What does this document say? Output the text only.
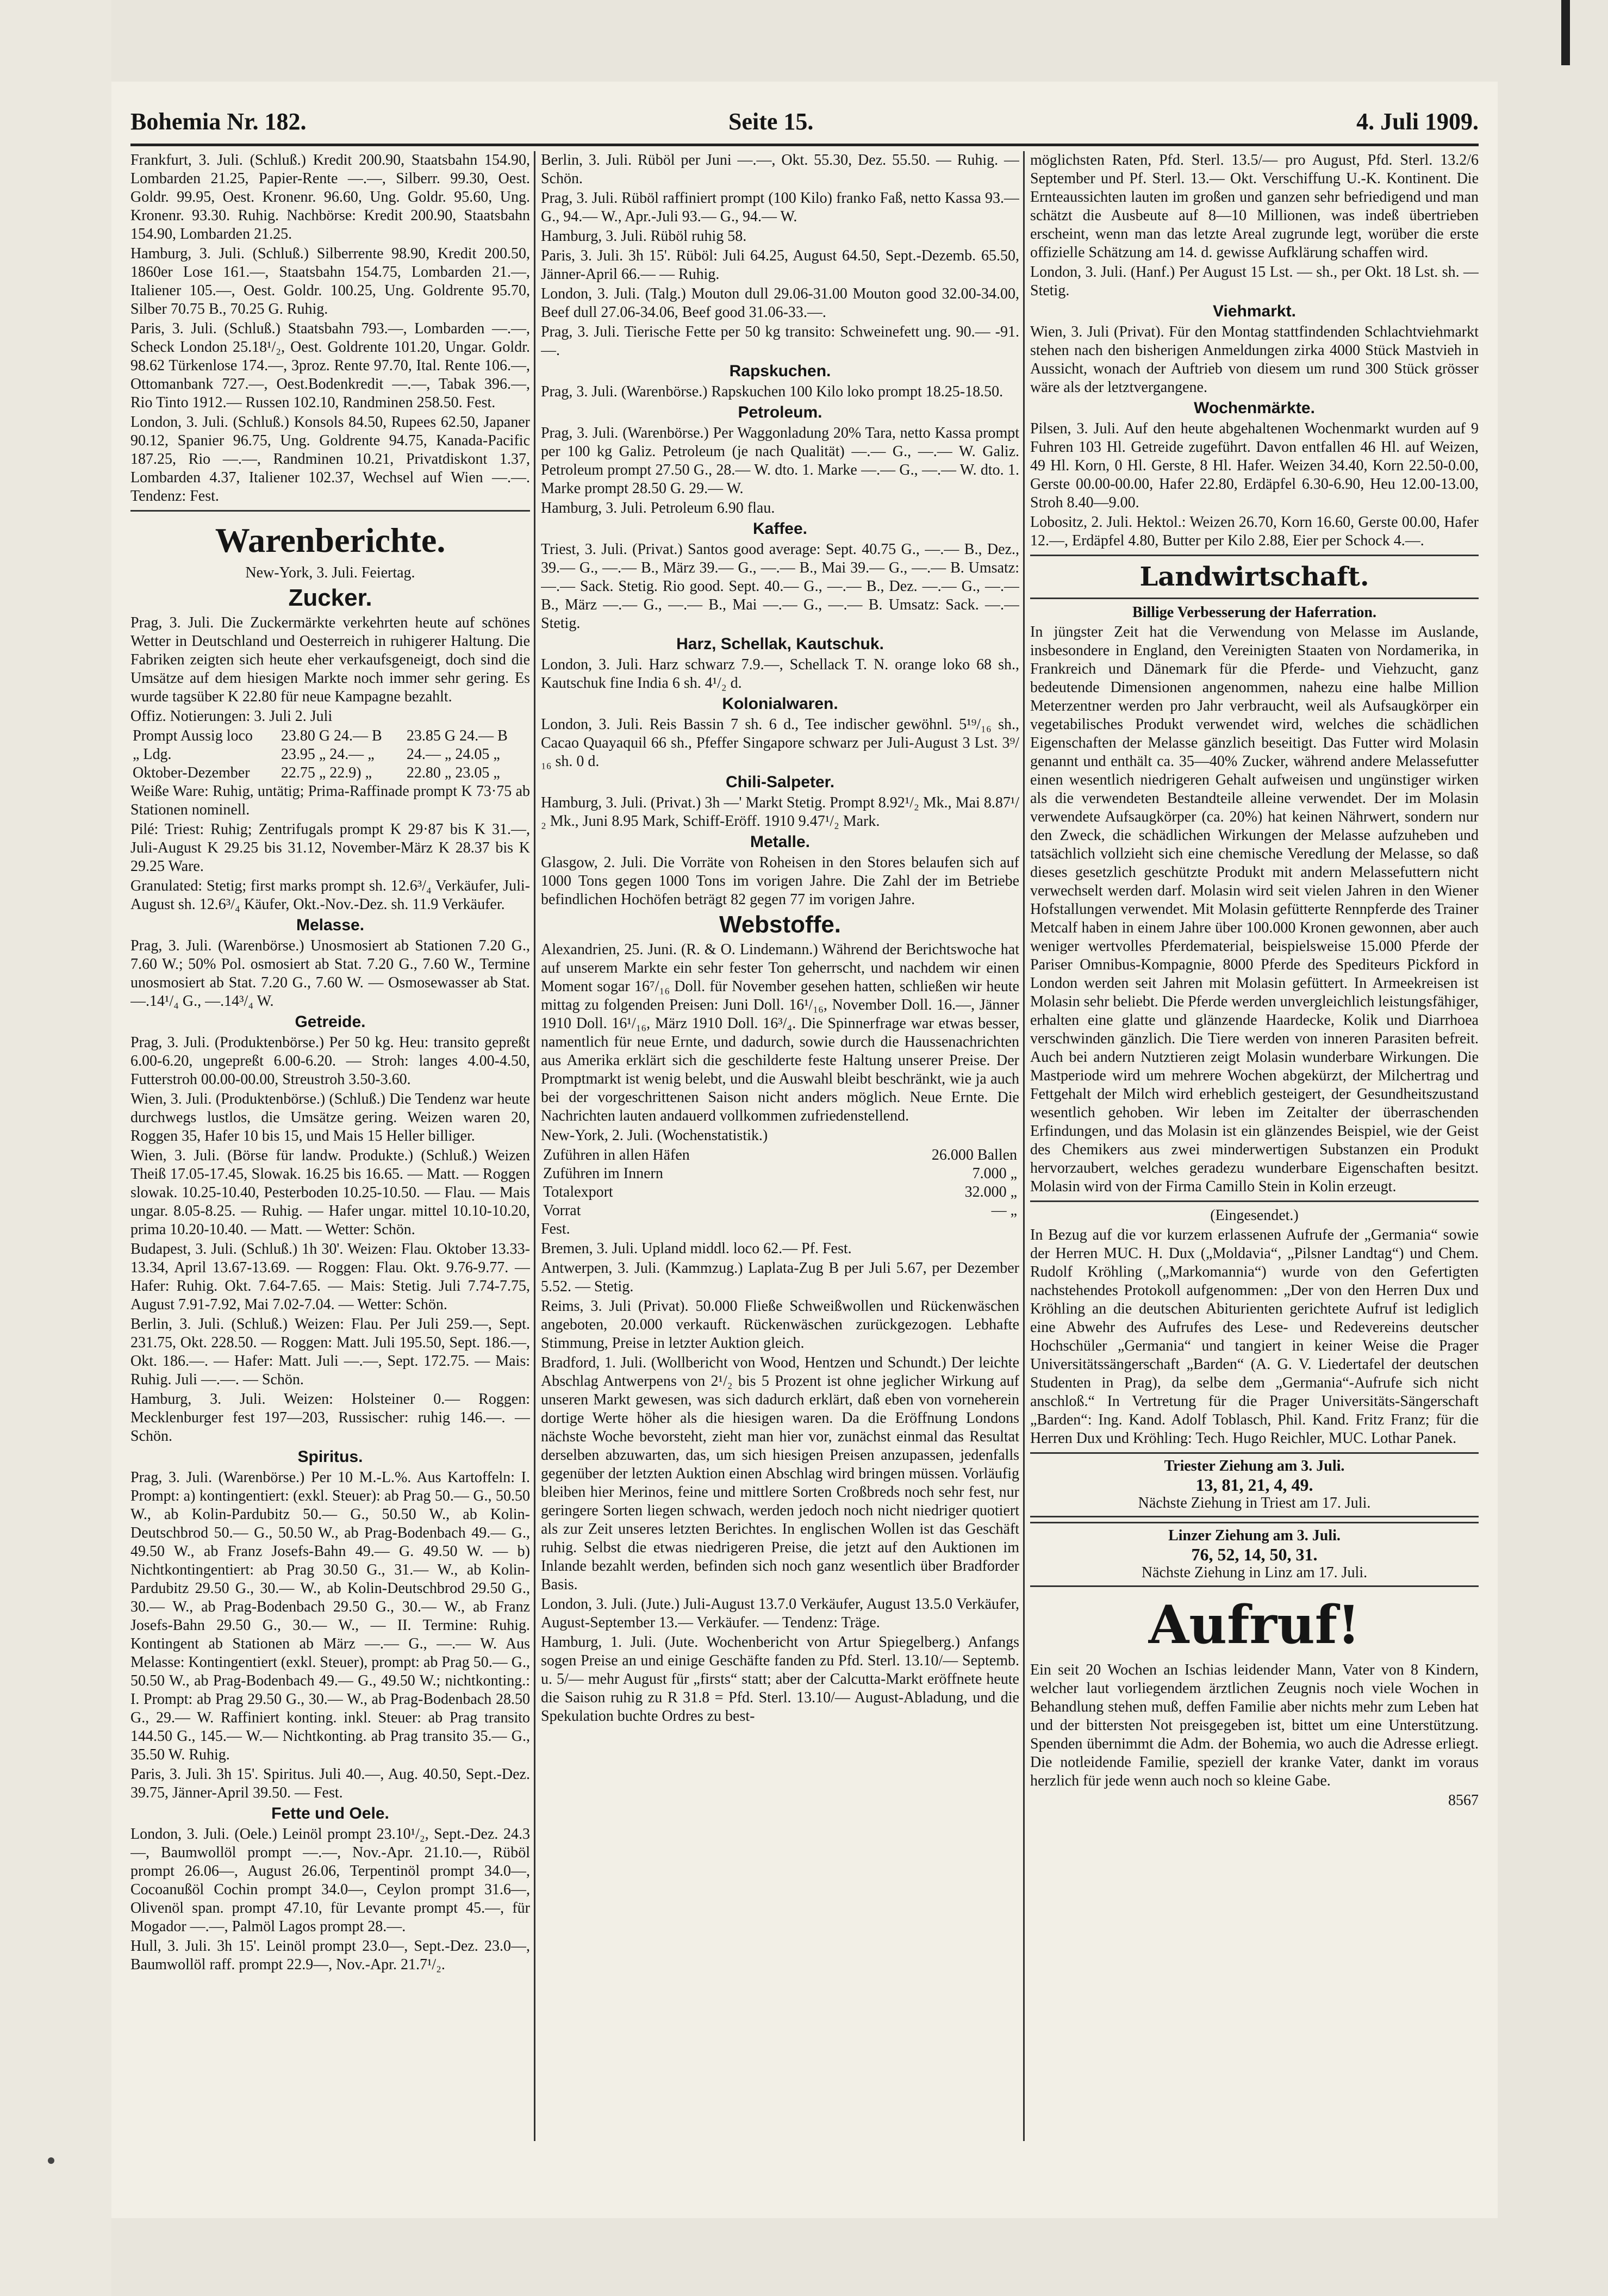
Bohemia Nr. 182.	Seite 15.	4. Juli 1909.

Frankfurt, 3. Juli. (Schluß.) Kredit 200.90, Staatsbahn 154.90, Lombarden 21.25, Papier-Rente —.—, Silberr. 99.30, Oest. Goldr. 99.95, Oest. Kronenr. 96.60, Ung. Goldr. 95.60, Ung. Kronenr. 93.30. Ruhig. Nachbörse: Kredit 200.90, Staatsbahn 154.90, Lombarden 21.25.

Hamburg, 3. Juli. (Schluß.) Silberrente 98.90, Kredit 200.50, 1860er Lose 161.—, Staatsbahn 154.75, Lombarden 21.—, Italiener 105.—, Oest. Goldr. 100.25, Ung. Goldrente 95.70, Silber 70.75 B., 70.25 G. Ruhig.

Paris, 3. Juli. (Schluß.) Staatsbahn 793.—, Lombarden —.—, Scheck London 25.18¹/₂, Oest. Goldrente 101.20, Ungar. Goldr. 98.62 Türkenlose 174.—, 3proz. Rente 97.70, Ital. Rente 106.—, Ottomanbank 727.—, Oest.Bodenkredit —.—, Tabak 396.—, Rio Tinto 1912.— Russen 102.10, Randminen 258.50. Fest.

London, 3. Juli. (Schluß.) Konsols 84.50, Rupees 62.50, Japaner 90.12, Spanier 96.75, Ung. Goldrente 94.75, Kanada-Pacific 187.25, Rio —.—, Randminen 10.21, Privatdiskont 1.37, Lombarden 4.37, Italiener 102.37, Wechsel auf Wien —.—. Tendenz: Fest.

Warenberichte.

New-York, 3. Juli. Feiertag.

Zucker.

Prag, 3. Juli. Die Zuckermärkte verkehrten heute auf schönes Wetter in Deutschland und Oesterreich in ruhigerer Haltung. Die Fabriken zeigten sich heute eher verkaufsgeneigt, doch sind die Umsätze auf dem hiesigen Markte noch immer sehr gering. Es wurde tagsüber K 22.80 für neue Kampagne bezahlt.

Offiz. Notierungen: 3. Juli 2. Juli

Prompt Aussig loco	23.80 G 24.— B	23.85 G 24.— B
„ Ldg.	23.95 „ 24.— „	24.— „ 24.05 „
Oktober-Dezember	22.75 „ 22.9) „	22.80 „ 23.05 „

Weiße Ware: Ruhig, untätig; Prima-Raffinade prompt K 73·75 ab Stationen nominell.

Pilé: Triest: Ruhig; Zentrifugals prompt K 29·87 bis K 31.—, Juli-August K 29.25 bis 31.12, November-März K 28.37 bis K 29.25 Ware.

Granulated: Stetig; first marks prompt sh. 12.6³/₄ Verkäufer, Juli-August sh. 12.6³/₄ Käufer, Okt.-Nov.-Dez. sh. 11.9 Verkäufer.

Melasse.

Prag, 3. Juli. (Warenbörse.) Unosmosiert ab Stationen 7.20 G., 7.60 W.; 50% Pol. osmosiert ab Stat. 7.20 G., 7.60 W., Termine unosmosiert ab Stat. 7.20 G., 7.60 W. — Osmosewasser ab Stat. —.14¹/₄ G., —.14³/₄ W.

Getreide.

Prag, 3. Juli. (Produktenbörse.) Per 50 kg. Heu: transito gepreßt 6.00-6.20, ungepreßt 6.00-6.20. — Stroh: langes 4.00-4.50, Futterstroh 00.00-00.00, Streustroh 3.50-3.60.

Wien, 3. Juli. (Produktenbörse.) (Schluß.) Die Tendenz war heute durchwegs lustlos, die Umsätze gering. Weizen waren 20, Roggen 35, Hafer 10 bis 15, und Mais 15 Heller billiger.

Wien, 3. Juli. (Börse für landw. Produkte.) (Schluß.) Weizen Theiß 17.05-17.45, Slowak. 16.25 bis 16.65. — Matt. — Roggen slowak. 10.25-10.40, Pesterboden 10.25-10.50. — Flau. — Mais ungar. 8.05-8.25. — Ruhig. — Hafer ungar. mittel 10.10-10.20, prima 10.20-10.40. — Matt. — Wetter: Schön.

Budapest, 3. Juli. (Schluß.) 1h 30'. Weizen: Flau. Oktober 13.33-13.34, April 13.67-13.69. — Roggen: Flau. Okt. 9.76-9.77. — Hafer: Ruhig. Okt. 7.64-7.65. — Mais: Stetig. Juli 7.74-7.75, August 7.91-7.92, Mai 7.02-7.04. — Wetter: Schön.

Berlin, 3. Juli. (Schluß.) Weizen: Flau. Per Juli 259.—, Sept. 231.75, Okt. 228.50. — Roggen: Matt. Juli 195.50, Sept. 186.—, Okt. 186.—. — Hafer: Matt. Juli —.—, Sept. 172.75. — Mais: Ruhig. Juli —.—. — Schön.

Hamburg, 3. Juli. Weizen: Holsteiner 0.— Roggen: Mecklenburger fest 197—203, Russischer: ruhig 146.—. — Schön.

Spiritus.

Prag, 3. Juli. (Warenbörse.) Per 10 M.-L.%. Aus Kartoffeln: I. Prompt: a) kontingentiert: (exkl. Steuer): ab Prag 50.— G., 50.50 W., ab Kolin-Pardubitz 50.— G., 50.50 W., ab Kolin-Deutschbrod 50.— G., 50.50 W., ab Prag-Bodenbach 49.— G., 49.50 W., ab Franz Josefs-Bahn 49.— G. 49.50 W. — b) Nichtkontingentiert: ab Prag 30.50 G., 31.— W., ab Kolin-Pardubitz 29.50 G., 30.— W., ab Kolin-Deutschbrod 29.50 G., 30.— W., ab Prag-Bodenbach 29.50 G., 30.— W., ab Franz Josefs-Bahn 29.50 G., 30.— W., — II. Termine: Ruhig. Kontingent ab Stationen ab März —.— G., —.— W. Aus Melasse: Kontingentiert (exkl. Steuer), prompt: ab Prag 50.— G., 50.50 W., ab Prag-Bodenbach 49.— G., 49.50 W.; nichtkonting.: I. Prompt: ab Prag 29.50 G., 30.— W., ab Prag-Bodenbach 28.50 G., 29.— W. Raffiniert konting. inkl. Steuer: ab Prag transito 144.50 G., 145.— W.— Nichtkonting. ab Prag transito 35.— G., 35.50 W. Ruhig.

Paris, 3. Juli. 3h 15'. Spiritus. Juli 40.—, Aug. 40.50, Sept.-Dez. 39.75, Jänner-April 39.50. — Fest.

Fette und Oele.

London, 3. Juli. (Oele.) Leinöl prompt 23.10¹/₂, Sept.-Dez. 24.3—, Baumwollöl prompt —.—, Nov.-Apr. 21.10.—, Rüböl prompt 26.06—, August 26.06, Terpentinöl prompt 34.0—, Cocoanußöl Cochin prompt 34.0—, Ceylon prompt 31.6—, Olivenöl span. prompt 47.10, für Levante prompt 45.—, für Mogador —.—, Palmöl Lagos prompt 28.—.

Hull, 3. Juli. 3h 15'. Leinöl prompt 23.0—, Sept.-Dez. 23.0—, Baumwollöl raff. prompt 22.9—, Nov.-Apr. 21.7¹/₂.

Berlin, 3. Juli. Rüböl per Juni —.—, Okt. 55.30, Dez. 55.50. — Ruhig. — Schön.

Prag, 3. Juli. Rüböl raffiniert prompt (100 Kilo) franko Faß, netto Kassa 93.— G., 94.— W., Apr.-Juli 93.— G., 94.— W.

Hamburg, 3. Juli. Rüböl ruhig 58.

Paris, 3. Juli. 3h 15'. Rüböl: Juli 64.25, August 64.50, Sept.-Dezemb. 65.50, Jänner-April 66.— — Ruhig.

London, 3. Juli. (Talg.) Mouton dull 29.06-31.00 Mouton good 32.00-34.00, Beef dull 27.06-34.06, Beef good 31.06-33.—.

Prag, 3. Juli. Tierische Fette per 50 kg transito: Schweinefett ung. 90.— -91.—.

Rapskuchen.

Prag, 3. Juli. (Warenbörse.) Rapskuchen 100 Kilo loko prompt 18.25-18.50.

Petroleum.

Prag, 3. Juli. (Warenbörse.) Per Waggonladung 20% Tara, netto Kassa prompt per 100 kg Galiz. Petroleum (je nach Qualität) —.— G., —.— W. Galiz. Petroleum prompt 27.50 G., 28.— W. dto. 1. Marke —.— G., —.— W. dto. 1. Marke prompt 28.50 G. 29.— W.

Hamburg, 3. Juli. Petroleum 6.90 flau.

Kaffee.

Triest, 3. Juli. (Privat.) Santos good average: Sept. 40.75 G., —.— B., Dez., 39.— G., —.— B., März 39.— G., —.— B., Mai 39.— G., —.— B. Umsatz: —.— Sack. Stetig. Rio good. Sept. 40.— G., —.— B., Dez. —.— G., —.— B., März —.— G., —.— B., Mai —.— G., —.— B. Umsatz: Sack. —.— Stetig.

Harz, Schellak, Kautschuk.

London, 3. Juli. Harz schwarz 7.9.—, Schellack T. N. orange loko 68 sh., Kautschuk fine India 6 sh. 4¹/₂ d.

Kolonialwaren.

London, 3. Juli. Reis Bassin 7 sh. 6 d., Tee indischer gewöhnl. 5¹⁹/₁₆ sh., Cacao Quayaquil 66 sh., Pfeffer Singapore schwarz per Juli-August 3 Lst. 3⁹/₁₆ sh. 0 d.

Chili-Salpeter.

Hamburg, 3. Juli. (Privat.) 3h —' Markt Stetig. Prompt 8.92¹/₂ Mk., Mai 8.87¹/₂ Mk., Juni 8.95 Mark, Schiff-Eröff. 1910 9.47¹/₂ Mark.

Metalle.

Glasgow, 2. Juli. Die Vorräte von Roheisen in den Stores belaufen sich auf 1000 Tons gegen 1000 Tons im vorigen Jahre. Die Zahl der im Betriebe befindlichen Hochöfen beträgt 82 gegen 77 im vorigen Jahre.

Webstoffe.

Alexandrien, 25. Juni. (R. & O. Lindemann.) Während der Berichtswoche hat auf unserem Markte ein sehr fester Ton geherrscht, und nachdem wir einen Moment sogar 16⁷/₁₆ Doll. für November gesehen hatten, schließen wir heute mittag zu folgenden Preisen: Juni Doll. 16¹/₁₆, November Doll. 16.—, Jänner 1910 Doll. 16¹/₁₆, März 1910 Doll. 16³/₄. Die Spinnerfrage war etwas besser, namentlich für neue Ernte, und dadurch, sowie durch die Haussenachrichten aus Amerika erklärt sich die geschilderte feste Haltung unserer Preise. Der Promptmarkt ist wenig belebt, und die Auswahl bleibt beschränkt, wie ja auch bei der vorgeschrittenen Saison nicht anders möglich. Neue Ernte. Die Nachrichten lauten andauerd vollkommen zufriedenstellend.

New-York, 2. Juli. (Wochenstatistik.)

Zuführen in allen Häfen	26.000 Ballen
Zuführen im Innern	7.000 „
Totalexport	32.000 „
Vorrat	— „

Fest.

Bremen, 3. Juli. Upland middl. loco 62.— Pf. Fest.

Antwerpen, 3. Juli. (Kammzug.) Laplata-Zug B per Juli 5.67, per Dezember 5.52. — Stetig.

Reims, 3. Juli (Privat). 50.000 Fließe Schweißwollen und Rückenwäschen angeboten, 20.000 verkauft. Rückenwäschen zurückgezogen. Lebhafte Stimmung, Preise in letzter Auktion gleich.

Bradford, 1. Juli. (Wollbericht von Wood, Hentzen und Schundt.) Der leichte Abschlag Antwerpens von 2¹/₂ bis 5 Prozent ist ohne jeglicher Wirkung auf unseren Markt gewesen, was sich dadurch erklärt, daß eben von vorneherein dortige Werte höher als die hiesigen waren. Da die Eröffnung Londons nächste Woche bevorsteht, zieht man hier vor, zunächst einmal das Resultat derselben abzuwarten, das, um sich hiesigen Preisen anzupassen, jedenfalls gegenüber der letzten Auktion einen Abschlag wird bringen müssen. Vorläufig bleiben hier Merinos, feine und mittlere Sorten Croßbreds noch sehr fest, nur geringere Sorten liegen schwach, werden jedoch noch nicht niedriger quotiert als zur Zeit unseres letzten Berichtes. In englischen Wollen ist das Geschäft ruhig. Selbst die etwas niedrigeren Preise, die jetzt auf den Auktionen im Inlande bezahlt werden, befinden sich noch ganz wesentlich über Bradforder Basis.

London, 3. Juli. (Jute.) Juli-August 13.7.0 Verkäufer, August 13.5.0 Verkäufer, August-September 13.— Verkäufer. — Tendenz: Träge.

Hamburg, 1. Juli. (Jute. Wochenbericht von Artur Spiegelberg.) Anfangs sogen Preise an und einige Geschäfte fanden zu Pfd. Sterl. 13.10/— Septemb. u. 5/— mehr August für „firsts“ statt; aber der Calcutta-Markt eröffnete heute die Saison ruhig zu R 31.8 = Pfd. Sterl. 13.10/— August-Abladung, und die Spekulation buchte Ordres zu best-

möglichsten Raten, Pfd. Sterl. 13.5/— pro August, Pfd. Sterl. 13.2/6 September und Pf. Sterl. 13.— Okt. Verschiffung U.-K. Kontinent. Die Ernteaussichten lauten im großen und ganzen sehr befriedigend und man schätzt die Ausbeute auf 8—10 Millionen, was indeß übertrieben erscheint, wenn man das letzte Areal zugrunde legt, worüber die erste offizielle Schätzung am 14. d. gewisse Aufklärung schaffen wird.

London, 3. Juli. (Hanf.) Per August 15 Lst. — sh., per Okt. 18 Lst. sh. — Stetig.

Viehmarkt.

Wien, 3. Juli (Privat). Für den Montag stattfindenden Schlachtviehmarkt stehen nach den bisherigen Anmeldungen zirka 4000 Stück Mastvieh in Aussicht, wonach der Auftrieb von diesem um rund 300 Stück grösser wäre als der letztvergangene.

Wochenmärkte.

Pilsen, 3. Juli. Auf den heute abgehaltenen Wochenmarkt wurden auf 9 Fuhren 103 Hl. Getreide zugeführt. Davon entfallen 46 Hl. auf Weizen, 49 Hl. Korn, 0 Hl. Gerste, 8 Hl. Hafer. Weizen 34.40, Korn 22.50-0.00, Gerste 00.00-00.00, Hafer 22.80, Erdäpfel 6.30-6.90, Heu 12.00-13.00, Stroh 8.40—9.00.

Lobositz, 2. Juli. Hektol.: Weizen 26.70, Korn 16.60, Gerste 00.00, Hafer 12.—, Erdäpfel 4.80, Butter per Kilo 2.88, Eier per Schock 4.—.

Landwirtschaft.

Billige Verbesserung der Haferration.

In jüngster Zeit hat die Verwendung von Melasse im Auslande, insbesondere in England, den Vereinigten Staaten von Nordamerika, in Frankreich und Dänemark für die Pferde- und Viehzucht, ganz bedeutende Dimensionen angenommen, nahezu eine halbe Million Meterzentner werden pro Jahr verbraucht, weil als Aufsaugkörper ein vegetabilisches Produkt verwendet wird, welches die schädlichen Eigenschaften der Melasse gänzlich beseitigt. Das Futter wird Molasin genannt und enthält ca. 35—40% Zucker, während andere Melassefutter einen wesentlich niedrigeren Gehalt aufweisen und ungünstiger wirken als die verwendeten Bestandteile alleine verwendet. Der im Molasin verwendete Aufsaugkörper (ca. 20%) hat keinen Nährwert, sondern nur den Zweck, die schädlichen Wirkungen der Melasse aufzuheben und tatsächlich vollzieht sich eine chemische Veredlung der Melasse, so daß dieses gesetzlich geschützte Produkt mit andern Melassefuttern nicht verwechselt werden darf. Molasin wird seit vielen Jahren in den Wiener Hofstallungen verwendet. Mit Molasin gefütterte Rennpferde des Trainer Metcalf haben in einem Jahre über 100.000 Kronen gewonnen, aber auch weniger wertvolles Pferdematerial, beispielsweise 15.000 Pferde der Pariser Omnibus-Kompagnie, 8000 Pferde des Spediteurs Pickford in London werden seit Jahren mit Molasin gefüttert. In Armeekreisen ist Molasin sehr beliebt. Die Pferde werden unvergleichlich leistungsfähiger, erhalten eine glatte und glänzende Haardecke, Kolik und Diarrhoea verschwinden gänzlich. Die Tiere werden von inneren Parasiten befreit. Auch bei andern Nutztieren zeigt Molasin wunderbare Wirkungen. Die Mastperiode wird um mehrere Wochen abgekürzt, der Milchertrag und Fettgehalt der Milch wird erheblich gesteigert, der Gesundheitszustand wesentlich gehoben. Wir leben im Zeitalter der überraschenden Erfindungen, und das Molasin ist ein glänzendes Beispiel, wie der Geist des Chemikers aus zwei minderwertigen Substanzen ein Produkt hervorzaubert, welches geradezu wunderbare Eigenschaften besitzt. Molasin wird von der Firma Camillo Stein in Kolin erzeugt.

(Eingesendet.)

In Bezug auf die vor kurzem erlassenen Aufrufe der „Germania“ sowie der Herren MUC. H. Dux („Moldavia“, „Pilsner Landtag“) und Chem. Rudolf Kröhling („Markomannia“) wurde von den Gefertigten nachstehendes Protokoll aufgenommen: „Der von den Herren Dux und Kröhling an die deutschen Abiturienten gerichtete Aufruf ist lediglich eine Abwehr des Aufrufes des Lese- und Redevereins deutscher Hochschüler „Germania“ und tangiert in keiner Weise die Prager Universitätssängerschaft „Barden“ (A. G. V. Liedertafel der deutschen Studenten in Prag), da selbe dem „Germania“-Aufrufe sich nicht anschloß.“ In Vertretung für die Prager Universitäts-Sängerschaft „Barden“: Ing. Kand. Adolf Toblasch, Phil. Kand. Fritz Franz; für die Herren Dux und Kröhling: Tech. Hugo Reichler, MUC. Lothar Panek.

Triester Ziehung am 3. Juli.
13, 81, 21, 4, 49.
Nächste Ziehung in Triest am 17. Juli.
Linzer Ziehung am 3. Juli.
76, 52, 14, 50, 31.
Nächste Ziehung in Linz am 17. Juli.
Aufruf!

Ein seit 20 Wochen an Ischias leidender Mann, Vater von 8 Kindern, welcher laut vorliegendem ärztlichen Zeugnis noch viele Wochen in Behandlung stehen muß, deffen Familie aber nichts mehr zum Leben hat und der bittersten Not preisgegeben ist, bittet um eine Unterstützung. Spenden übernimmt die Adm. der Bohemia, wo auch die Adresse erliegt. Die notleidende Familie, speziell der kranke Vater, dankt im voraus herzlich für jede wenn auch noch so kleine Gabe.

8567
